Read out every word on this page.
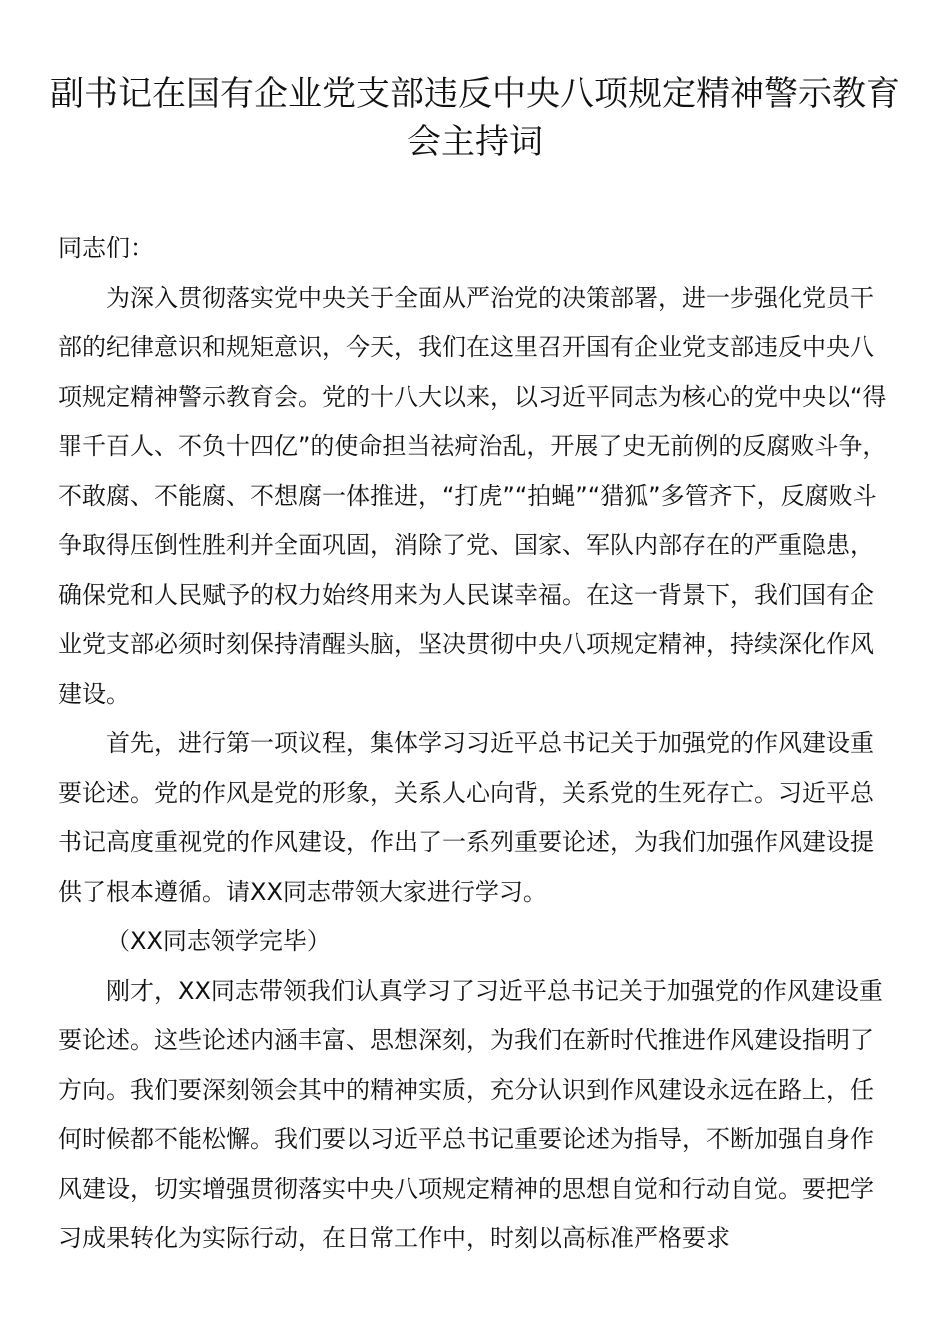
副书记在国有企业党支部违反中央八项规定精神警示教育会主持词

同志们：

为深入贯彻落实党中央关于全面从严治党的决策部署，进一步强化党员干部的纪律意识和规矩意识，今天，我们在这里召开国有企业党支部违反中央八项规定精神警示教育会。党的十八大以来，以习近平同志为核心的党中央以“得罪千百人、不负十四亿”的使命担当祛疴治乱，开展了史无前例的反腐败斗争，不敢腐、不能腐、不想腐一体推进，“打虎”“拍蝇”“猎狐”多管齐下，反腐败斗争取得压倒性胜利并全面巩固，消除了党、国家、军队内部存在的严重隐患，确保党和人民赋予的权力始终用来为人民谋幸福。在这一背景下，我们国有企业党支部必须时刻保持清醒头脑，坚决贯彻中央八项规定精神，持续深化作风建设。

首先，进行第一项议程，集体学习习近平总书记关于加强党的作风建设重要论述。党的作风是党的形象，关系人心向背，关系党的生死存亡。习近平总书记高度重视党的作风建设，作出了一系列重要论述，为我们加强作风建设提供了根本遵循。请XX同志带领大家进行学习。

（XX同志领学完毕）

刚才，XX同志带领我们认真学习了习近平总书记关于加强党的作风建设重要论述。这些论述内涵丰富、思想深刻，为我们在新时代推进作风建设指明了方向。我们要深刻领会其中的精神实质，充分认识到作风建设永远在路上，任何时候都不能松懈。我们要以习近平总书记重要论述为指导，不断加强自身作风建设，切实增强贯彻落实中央八项规定精神的思想自觉和行动自觉。要把学习成果转化为实际行动，在日常工作中，时刻以高标准严格要求
